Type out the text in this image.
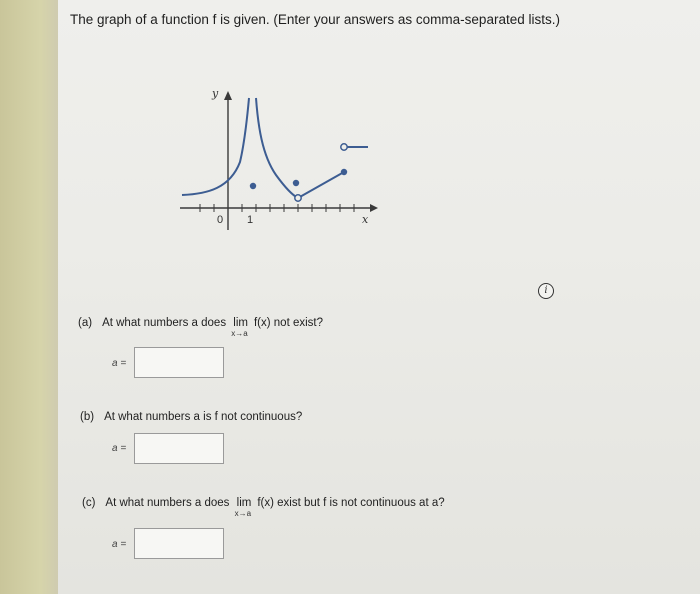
The graph of a function f is given. (Enter your answers as comma-separated lists.)
y
x
0 1
i
(a) At what numbers a does lim
x→a
f(x) not exist?
a =
(b) At what numbers a is f not continuous?
a =
(c) At what numbers a does lim
x→a
f(x) exist but f is not continuous at a?
a =
